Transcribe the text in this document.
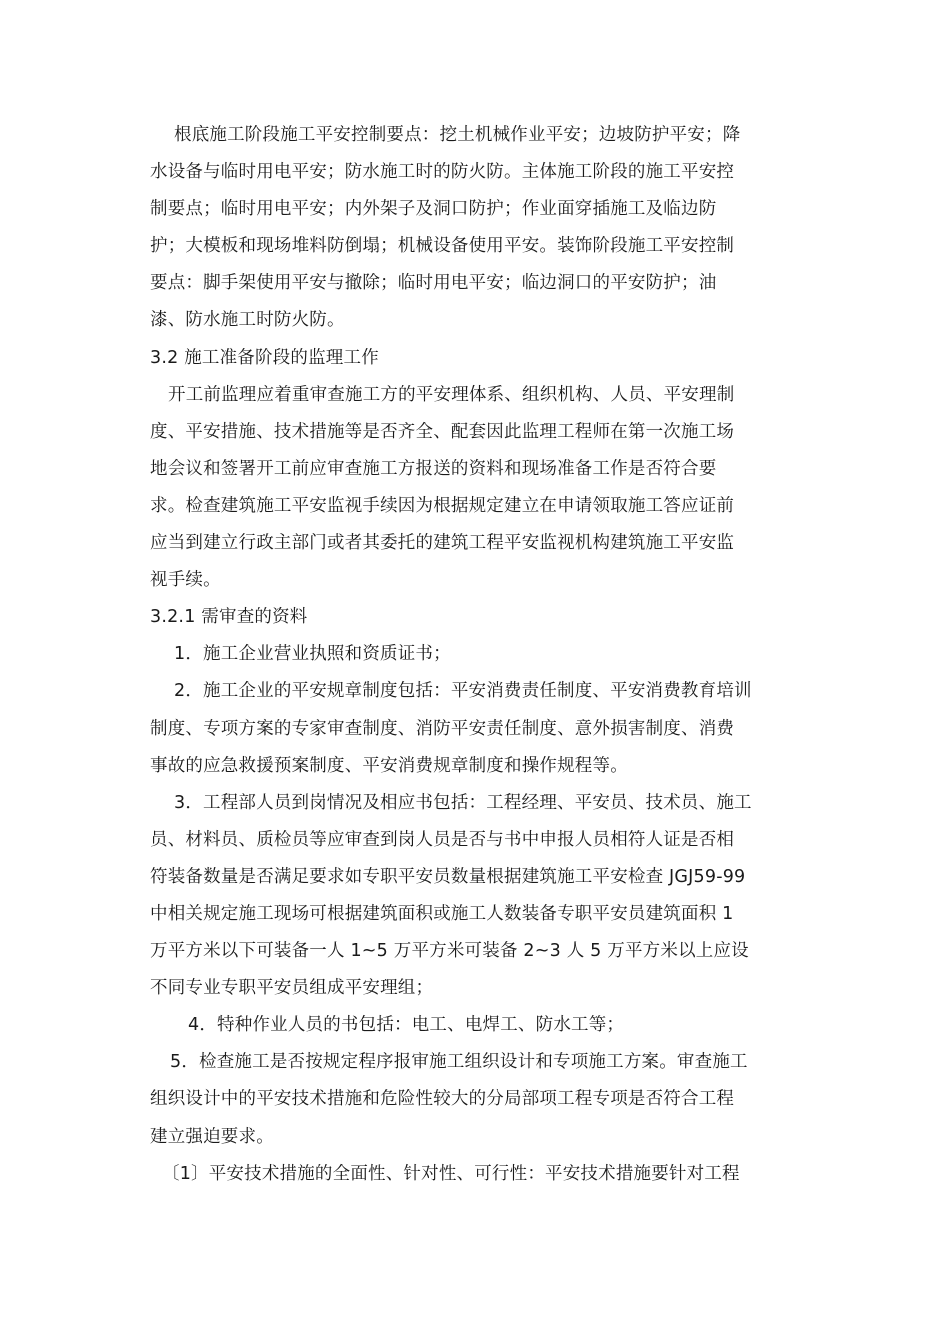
根底施工阶段施工平安控制要点：挖土机械作业平安；边坡防护平安；降
水设备与临时用电平安；防水施工时的防火防。主体施工阶段的施工平安控
制要点；临时用电平安；内外架子及洞口防护；作业面穿插施工及临边防
护；大模板和现场堆料防倒塌；机械设备使用平安。装饰阶段施工平安控制
要点：脚手架使用平安与撤除；临时用电平安；临边洞口的平安防护；油
漆、防水施工时防火防。
3.2 施工准备阶段的监理工作
开工前监理应着重审查施工方的平安理体系、组织机构、人员、平安理制
度、平安措施、技术措施等是否齐全、配套因此监理工程师在第一次施工场
地会议和签署开工前应审查施工方报送的资料和现场准备工作是否符合要
求。检查建筑施工平安监视手续因为根据规定建立在申请领取施工答应证前
应当到建立行政主部门或者其委托的建筑工程平安监视机构建筑施工平安监
视手续。
3.2.1 需审查的资料
1．施工企业营业执照和资质证书；
2．施工企业的平安规章制度包括：平安消费责任制度、平安消费教育培训
制度、专项方案的专家审查制度、消防平安责任制度、意外损害制度、消费
事故的应急救援预案制度、平安消费规章制度和操作规程等。
3．工程部人员到岗情况及相应书包括：工程经理、平安员、技术员、施工
员、材料员、质检员等应审查到岗人员是否与书中申报人员相符人证是否相
符装备数量是否满足要求如专职平安员数量根据建筑施工平安检查 JGJ59-99
中相关规定施工现场可根据建筑面积或施工人数装备专职平安员建筑面积 1
万平方米以下可装备一人 1~5 万平方米可装备 2~3 人 5 万平方米以上应设
不同专业专职平安员组成平安理组；
4．特种作业人员的书包括：电工、电焊工、防水工等；
5．检查施工是否按规定程序报审施工组织设计和专项施工方案。审查施工
组织设计中的平安技术措施和危险性较大的分局部项工程专项是否符合工程
建立强迫要求。
〔1〕平安技术措施的全面性、针对性、可行性：平安技术措施要针对工程
